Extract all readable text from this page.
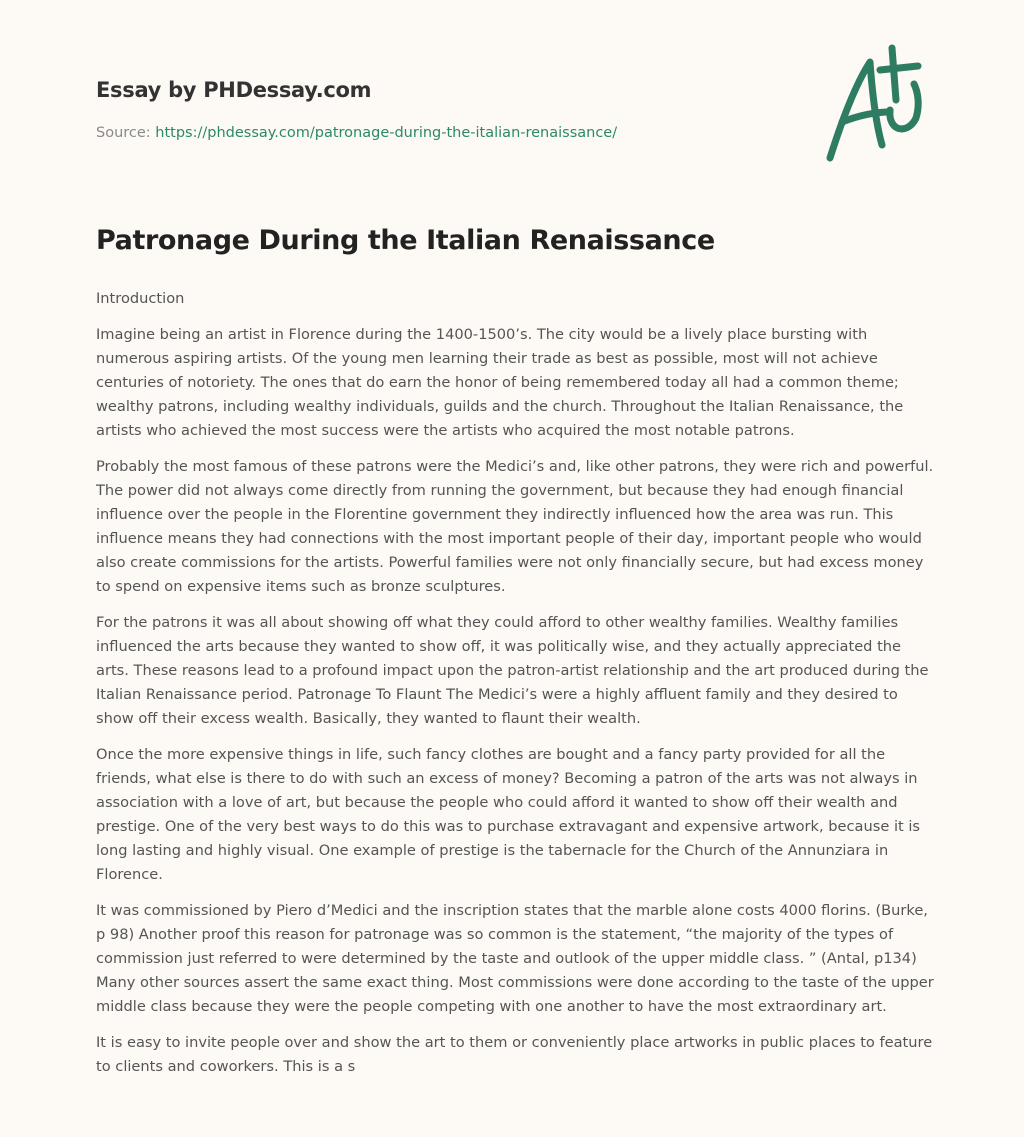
Essay by PHDessay.com
Source: https://phdessay.com/patronage-during-the-italian-renaissance/
Patronage During the Italian Renaissance

Introduction

Imagine being an artist in Florence during the 1400-1500’s. The city would be a lively place bursting with numerous aspiring artists. Of the young men learning their trade as best as possible, most will not achieve centuries of notoriety. The ones that do earn the honor of being remembered today all had a common theme; wealthy patrons, including wealthy individuals, guilds and the church. Throughout the Italian Renaissance, the artists who achieved the most success were the artists who acquired the most notable patrons.

Probably the most famous of these patrons were the Medici’s and, like other patrons, they were rich and powerful. The power did not always come directly from running the government, but because they had enough financial influence over the people in the Florentine government they indirectly influenced how the area was run. This influence means they had connections with the most important people of their day, important people who would also create commissions for the artists. Powerful families were not only financially secure, but had excess money to spend on expensive items such as bronze sculptures.

For the patrons it was all about showing off what they could afford to other wealthy families. Wealthy families influenced the arts because they wanted to show off, it was politically wise, and they actually appreciated the arts. These reasons lead to a profound impact upon the patron-artist relationship and the art produced during the Italian Renaissance period. Patronage To Flaunt The Medici’s were a highly affluent family and they desired to show off their excess wealth. Basically, they wanted to flaunt their wealth.

Once the more expensive things in life, such fancy clothes are bought and a fancy party provided for all the friends, what else is there to do with such an excess of money? Becoming a patron of the arts was not always in association with a love of art, but because the people who could afford it wanted to show off their wealth and prestige. One of the very best ways to do this was to purchase extravagant and expensive artwork, because it is long lasting and highly visual. One example of prestige is the tabernacle for the Church of the Annunziara in Florence.

It was commissioned by Piero d’Medici and the inscription states that the marble alone costs 4000 florins. (Burke, p 98) Another proof this reason for patronage was so common is the statement, “the majority of the types of commission just referred to were determined by the taste and outlook of the upper middle class. ” (Antal, p134) Many other sources assert the same exact thing. Most commissions were done according to the taste of the upper middle class because they were the people competing with one another to have the most extraordinary art.

It is easy to invite people over and show the art to them or conveniently place artworks in public places to feature to clients and coworkers. This is a s
